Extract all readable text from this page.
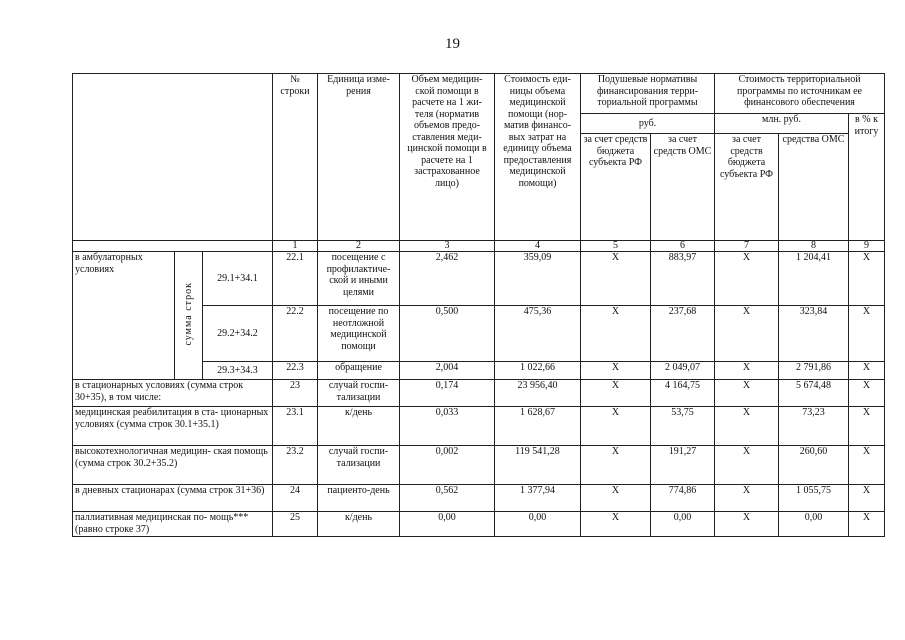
19
			№ строки	Единица изме- рения	Объем медицин- ской помощи в расчете на 1 жи- теля (норматив объемов предо- ставления меди- цинской помощи в расчете на 1 застрахованное лицо)	Стоимость еди- ницы объема медицинской помощи (нор- матив финансо- вых затрат на единицу объема предоставления медицинской помощи)	Подушевые нормативы финансирования терри- ториальной программы		Стоимость территориальной программы по источникам ее финансового обеспечения		
							руб.		млн. руб.		в % к итогу
							за счет средств бюджета субъекта РФ	за счет средств ОМС	за счет средств бюджета субъекта РФ	средства ОМС	
			1	2	3	4	5	6	7	8	9
в амбулаторных условиях	сумма строк	29.1+34.1	22.1	посещение с профилактиче- ской и иными целями	2,462	359,09	Х	883,97	Х	1 204,41	Х
		29.2+34.2	22.2	посещение по неотложной медицинской помощи	0,500	475,36	Х	237,68	Х	323,84	Х
		29.3+34.3	22.3	обращение	2,004	1 022,66	Х	2 049,07	Х	2 791,86	Х
в стационарных условиях (сумма строк 30+35), в том числе:			23	случай госпи- тализации	0,174	23 956,40	Х	4 164,75	Х	5 674,48	Х
медицинская реабилитация в ста- ционарных условиях (сумма строк 30.1+35.1)			23.1	к/день	0,033	1 628,67	Х	53,75	Х	73,23	Х
высокотехнологичная медицин- ская помощь (сумма строк 30.2+35.2)			23.2	случай госпи- тализации	0,002	119 541,28	Х	191,27	Х	260,60	Х
в дневных стационарах (сумма строк 31+36)			24	пациенто-день	0,562	1 377,94	Х	774,86	Х	1 055,75	Х
паллиативная медицинская по- мощь***(равно строке 37)			25	к/день	0,00	0,00	Х	0,00	Х	0,00	Х
